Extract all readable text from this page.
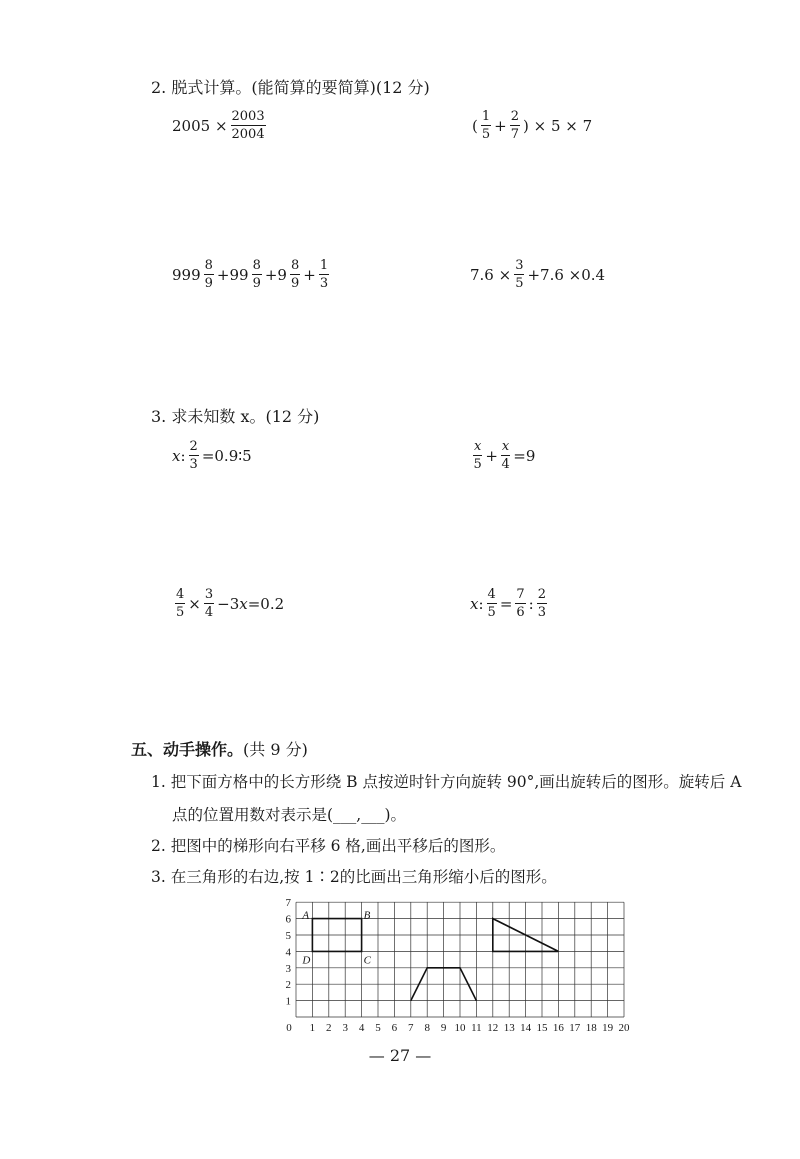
2. 脱式计算。(能简算的要简算)(12 分)
$2005 \times \frac{2003}{2004}$	( $\frac{1}{5} + \frac{2}{7}$ ) × 5 × 7
$999 \frac{8}{9} +99 \frac{8}{9} +9 \frac{8}{9} + \frac{1}{3}$	$7.6 \times \frac{3}{5} +7.6 \times 0.4$
3. 求未知数 x。(12 分)
x : $\frac{2}{3}$ =0.9∶5	$\frac{x}{5} + \frac{x}{4} =9$
$\frac{4}{5} \times \frac{3}{4} -3$ x =0.2	x : $\frac{4}{5} = \frac{7}{6}$ : $\frac{2}{3}$
五、动手操作。(共 9 分)
1. 把下面方格中的长方形绕 B 点按逆时针方向旋转 90°,画出旋转后的图形。旋转后 A
点的位置用数对表示是(___,___)。
2. 把图中的梯形向右平移 6 格,画出平移后的图形。
3. 在三角形的右边,按 1∶2的比画出三角形缩小后的图形。
0 1 2 3 4 5 6 7 8 9 10 11 12 13 14 15 16 17 18 19 20
1
2
3
4
5
6
7
A	B
C
D
— 27 —
